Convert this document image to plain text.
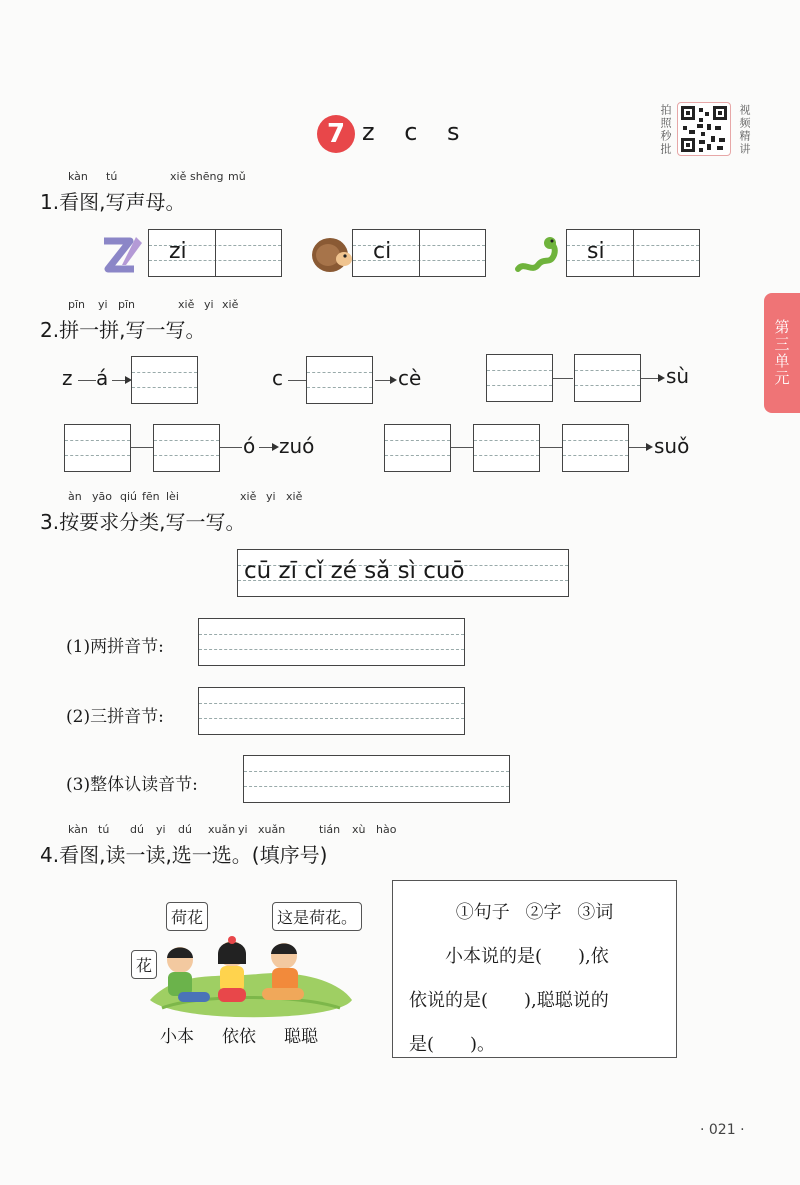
7 z c s	拍照秒批	视频精讲
第三单元
kàn tú	xiě shēng mǔ
1.看图,写声母。
zi	ci	si
pīn yi pīn	xiě yi xiě
2.拼一拼,写一写。
z á	c	cè	sù
ó zuó	suǒ
àn yāo qiú fēn lèi	xiě yi xiě
3.按要求分类,写一写。
cū zī cǐ zé sǎ sì cuō
(1)两拼音节:
(2)三拼音节:
(3)整体认读音节:
kàn tú dú yi dú xuǎn yi xuǎn	tián xù hào
4.看图,读一读,选一选。(填序号)
荷花	这是荷花。
花
小本 依依 聪聪
①句子 ②字 ③词
小本说的是(　　),依
依说的是(　　),聪聪说的
是(　　)。
· 021 ·
